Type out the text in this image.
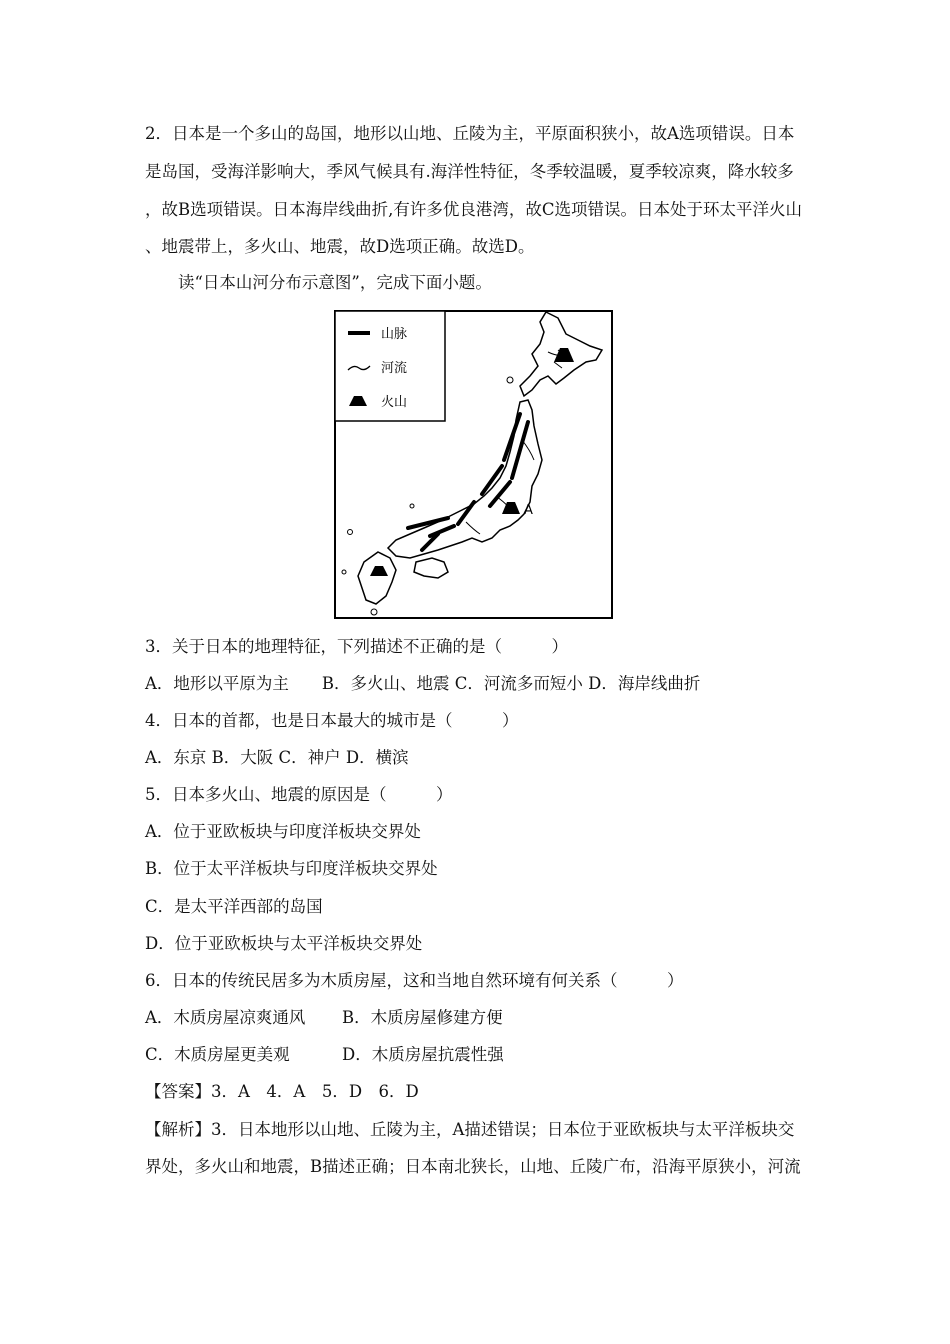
2．日本是一个多山的岛国，地形以山地、丘陵为主，平原面积狭小，故A选项错误。日本
是岛国，受海洋影响大，季风气候具有.海洋性特征，冬季较温暖，夏季较凉爽，降水较多
，故B选项错误。日本海岸线曲折,有许多优良港湾，故C选项错误。日本处于环太平洋火山
、地震带上，多火山、地震，故D选项正确。故选D。
读“日本山河分布示意图”，完成下面小题。
山脉
河流
火山
A
3．关于日本的地理特征，下列描述不正确的是（　　　）
A．地形以平原为主　　B．多火山、地震 C．河流多而短小 D．海岸线曲折
4．日本的首都，也是日本最大的城市是（　　　）
A．东京 B．大阪 C．神户 D．横滨
5．日本多火山、地震的原因是（　　　）
A．位于亚欧板块与印度洋板块交界处
B．位于太平洋板块与印度洋板块交界处
C．是太平洋西部的岛国
D．位于亚欧板块与太平洋板块交界处
6．日本的传统民居多为木质房屋，这和当地自然环境有何关系（　　　）
A．木质房屋凉爽通风 B．木质房屋修建方便
C．木质房屋更美观	D．木质房屋抗震性强
【答案】3．A　4．A　5．D　6．D
【解析】3．日本地形以山地、丘陵为主，A描述错误；日本位于亚欧板块与太平洋板块交
界处，多火山和地震，B描述正确；日本南北狭长，山地、丘陵广布，沿海平原狭小，河流
